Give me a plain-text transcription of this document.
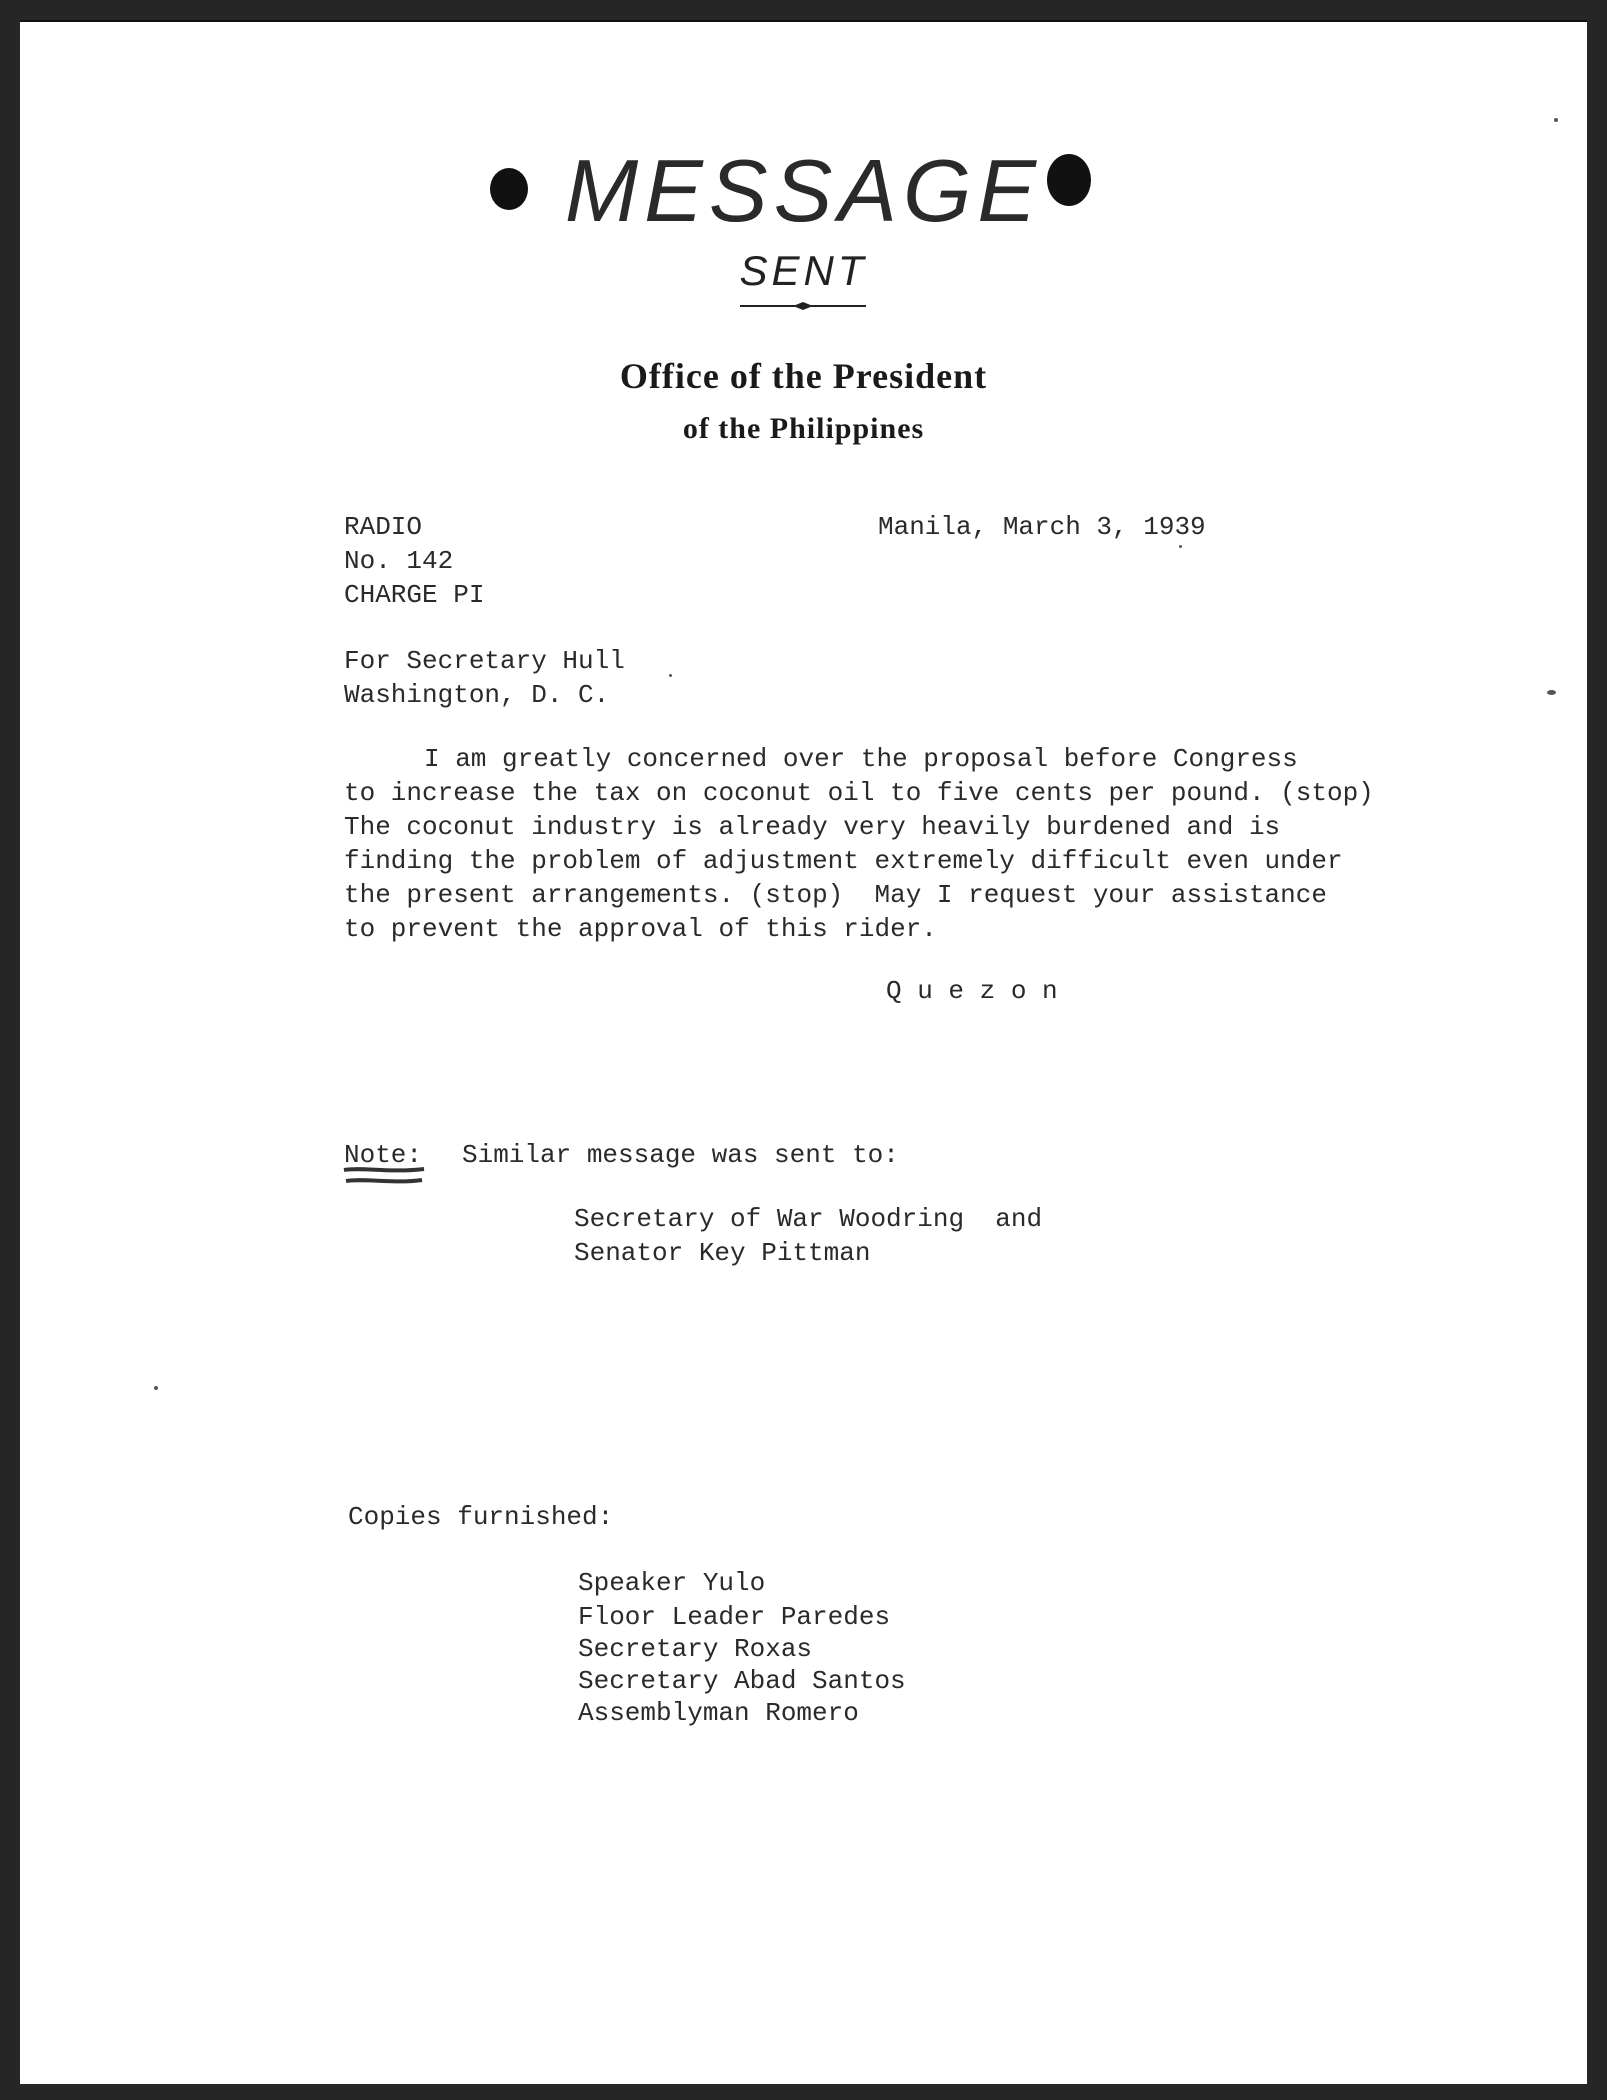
MESSAGE
SENT
Office of the President
of the Philippines
RADIO
No. 142
CHARGE PI
Manila, March 3, 1939
For Secretary Hull
Washington, D. C.
I am greatly concerned over the proposal before Congress
to increase the tax on coconut oil to five cents per pound. (stop)
The coconut industry is already very heavily burdened and is
finding the problem of adjustment extremely difficult even under
the present arrangements. (stop)  May I request your assistance
to prevent the approval of this rider.
Q u e z o n
Note: Similar message was sent to:
Secretary of War Woodring  and
Senator Key Pittman
Copies furnished:
Speaker Yulo
Floor Leader Paredes
Secretary Roxas
Secretary Abad Santos
Assemblyman Romero
